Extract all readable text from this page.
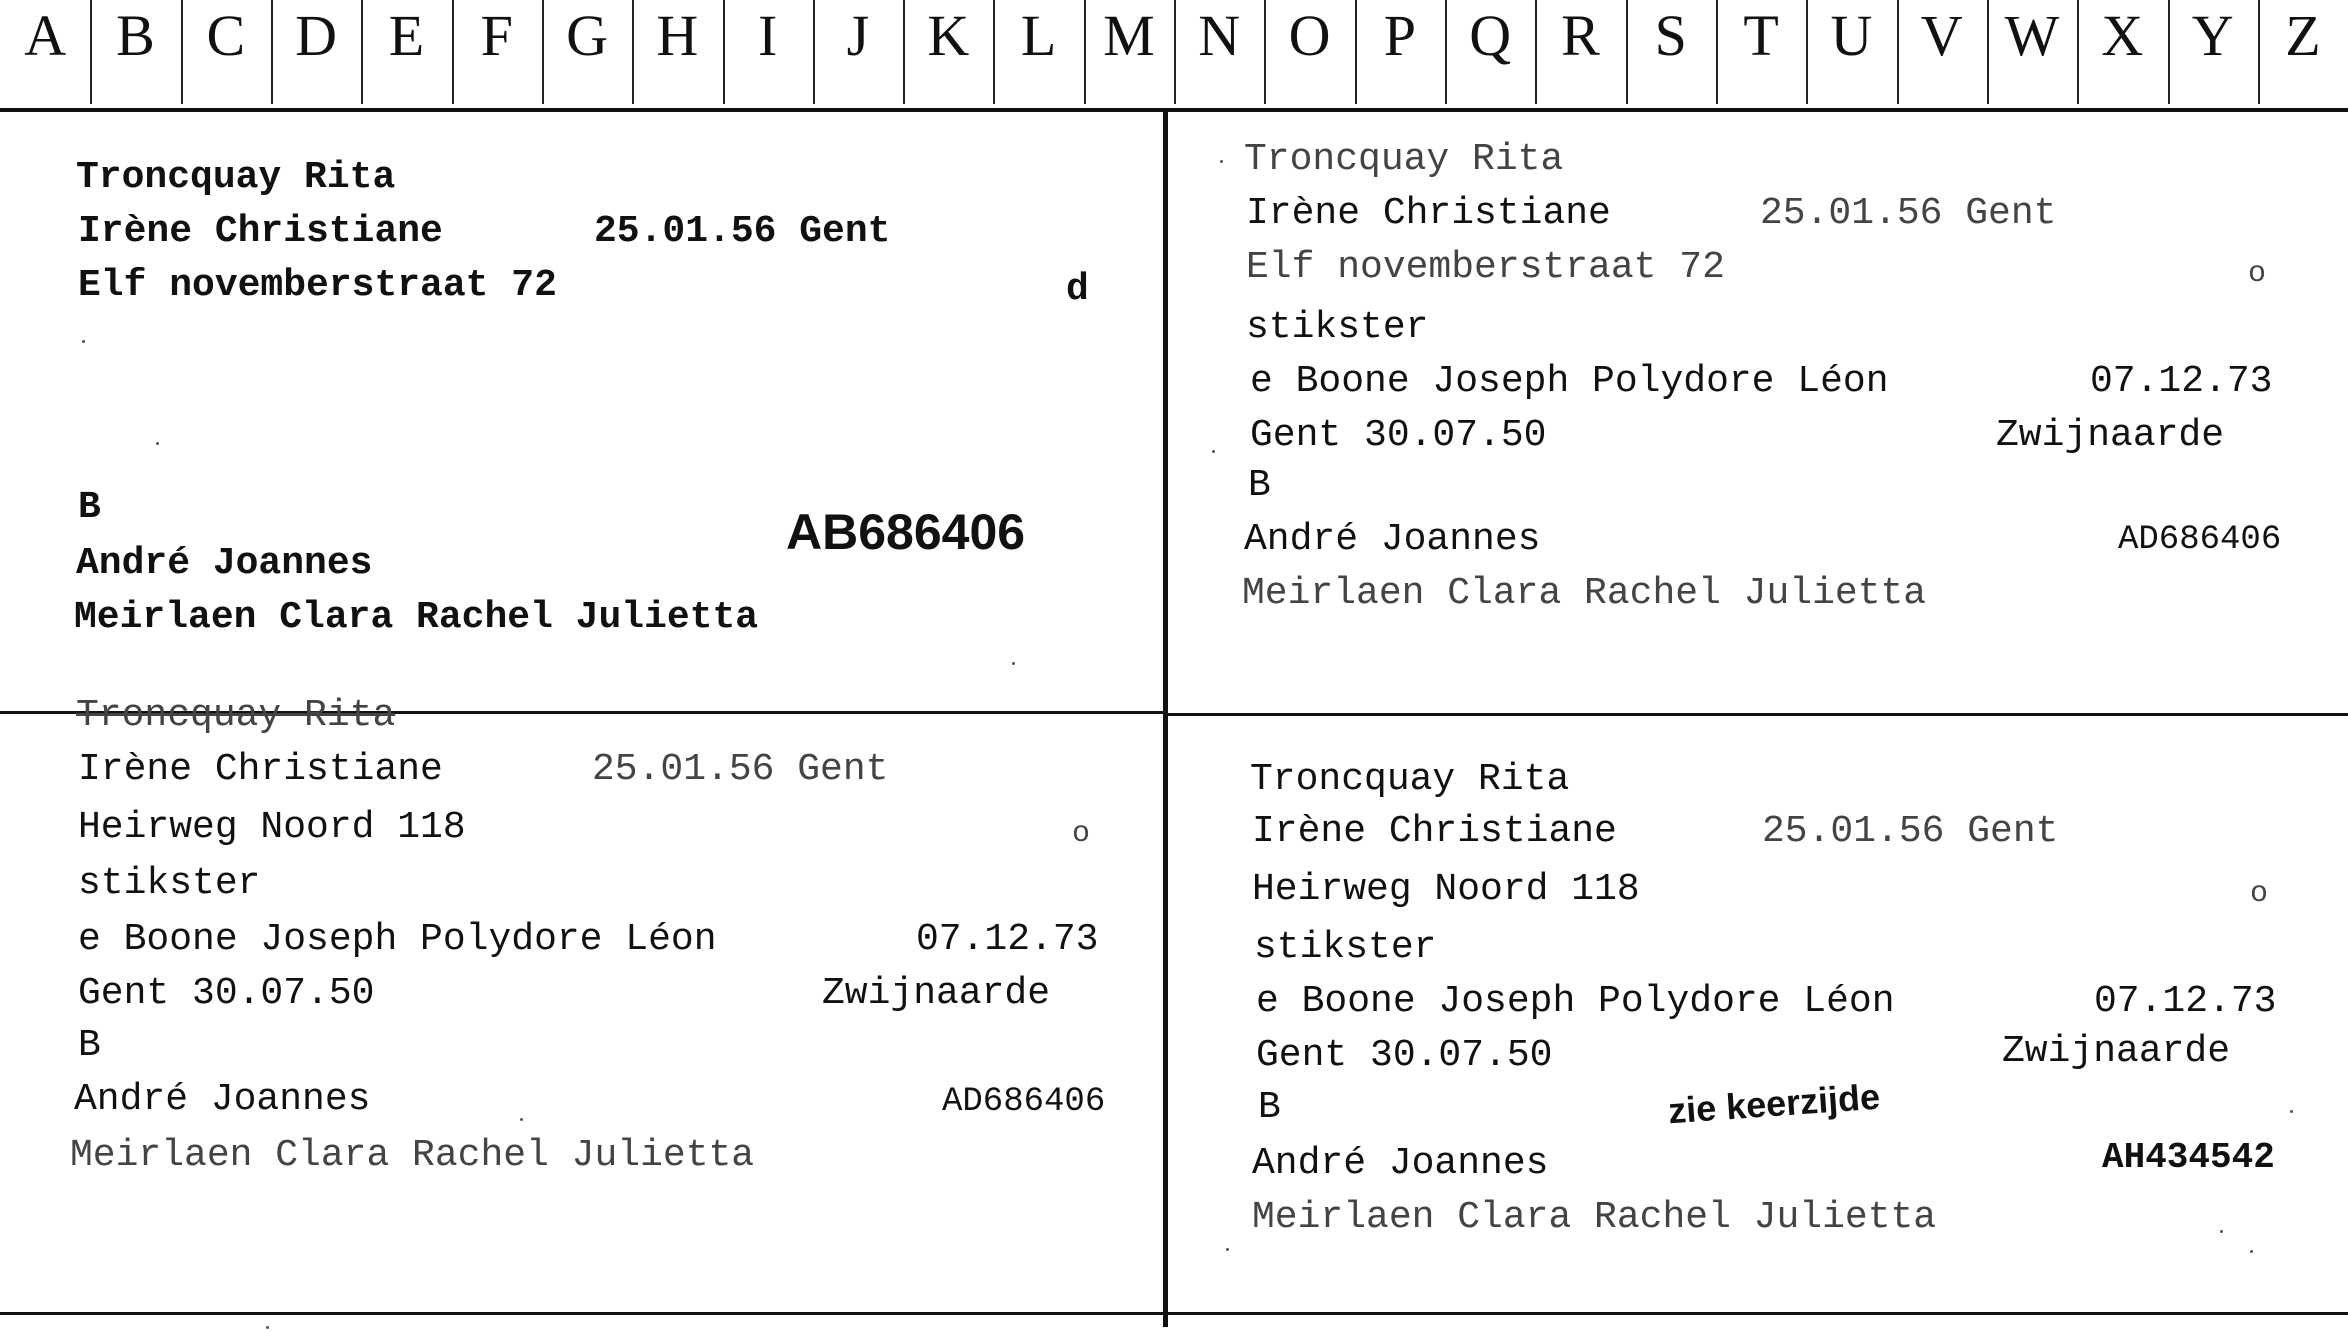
A B C D E F G H	I	J	K L M N O P Q R S T U V W X Y Z
Troncquay Rita
Irène Christiane	25.01.56 Gent
Elf novemberstraat 72	d
B	AB686406
André Joannes
Meirlaen Clara Rachel Julietta
Troncquay Rita
Irène Christiane	25.01.56 Gent
Elf novemberstraat 72	o
stikster
e Boone Joseph Polydore Léon	07.12.73
Gent 30.07.50	Zwijnaarde
B
André Joannes	AD686406
Meirlaen Clara Rachel Julietta
Troncquay Rita
Irène Christiane	25.01.56 Gent
Heirweg Noord 118	o
stikster
e Boone Joseph Polydore Léon	07.12.73
Gent 30.07.50	Zwijnaarde
B
André Joannes	AD686406
Meirlaen Clara Rachel Julietta
Troncquay Rita
Irène Christiane	25.01.56 Gent
Heirweg Noord 118	o
stikster
e Boone Joseph Polydore Léon	07.12.73
Gent 30.07.50	Zwijnaarde
B	zie keerzijde
André Joannes	AH434542
Meirlaen Clara Rachel Julietta
